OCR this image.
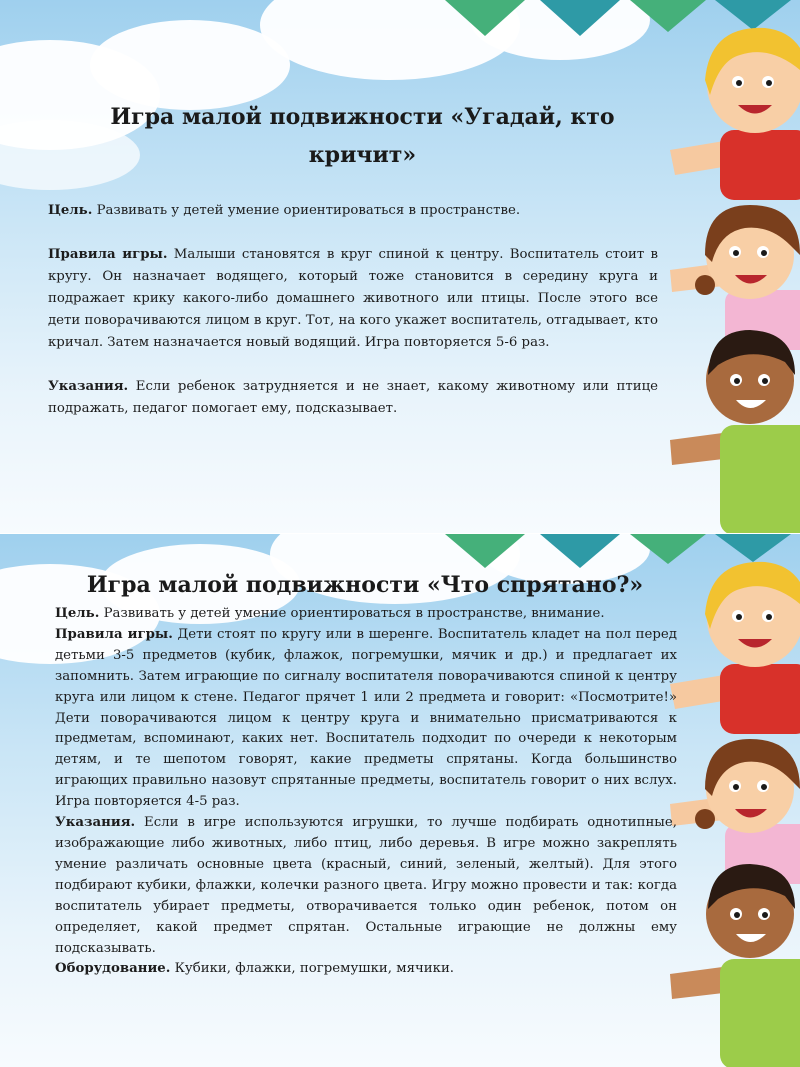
Игра малой подвижности «Угадай, кто кричит»

Цель. Развивать у детей умение ориентироваться в пространстве.

Правила игры. Малыши становятся в круг спиной к центру. Воспитатель стоит в кругу. Он назначает водящего, который тоже становится в середину круга и подражает крику какого-либо домашнего животного или птицы. После этого все дети поворачиваются лицом в круг. Тот, на кого укажет воспитатель, отгадывает, кто кричал. Затем назначается новый водящий. Игра повторяется 5-6 раз.

Указания. Если ребенок затрудняется и не знает, какому животному или птице подражать, педагог помогает ему, подсказывает.

Игра малой подвижности «Что спрятано?»

Цель. Развивать у детей умение ориентироваться в пространстве, внимание.

Правила игры. Дети стоят по кругу или в шеренге. Воспитатель кладет на пол перед детьми 3-5 предметов (кубик, флажок, погремушки, мячик и др.) и предлагает их запомнить. Затем играющие по сигналу воспитателя поворачиваются спиной к центру круга или лицом к стене. Педагог прячет 1 или 2 предмета и говорит: «Посмотрите!» Дети поворачиваются лицом к центру круга и внимательно присматриваются к предметам, вспоминают, каких нет. Воспитатель подходит по очереди к некоторым детям, и те шепотом говорят, какие предметы спрятаны. Когда большинство играющих правильно назовут спрятанные предметы, воспитатель говорит о них вслух. Игра повторяется 4-5 раз.

Указания. Если в игре используются игрушки, то лучше подбирать однотипные, изображающие либо животных, либо птиц, либо деревья. В игре можно закреплять умение различать основные цвета (красный, синий, зеленый, желтый). Для этого подбирают кубики, флажки, колечки разного цвета. Игру можно провести и так: когда воспитатель убирает предметы, отворачивается только один ребенок, потом он определяет, какой предмет спрятан. Остальные играющие не должны ему подсказывать.

Оборудование. Кубики, флажки, погремушки, мячики.
